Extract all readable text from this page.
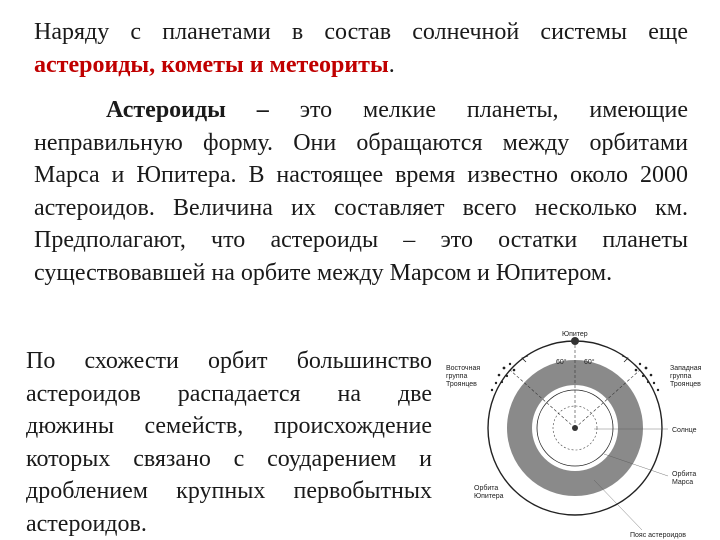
Наряду с планетами в состав солнечной системы еще астероиды, кометы и метеориты.

Астероиды – это мелкие планеты, имеющие неправильную форму. Они обращаются между орбитами Марса и Юпитера. В настоящее время известно около 2000 астероидов. Величина их составляет всего несколько км. Предполагают, что астероиды – это остатки планеты существовавшей на орбите между Марсом и Юпитером.

По схожести орбит большинство астероидов распадается на две дюжины семейств, происхождение которых связано с соударением и дроблением крупных первобытных астероидов.

Юпитер
60° 60°
Восточная группа Троянцев
Западная группа Троянцев
Солнце
Орбита Марса
Орбита Юпитера
Пояс астероидов
